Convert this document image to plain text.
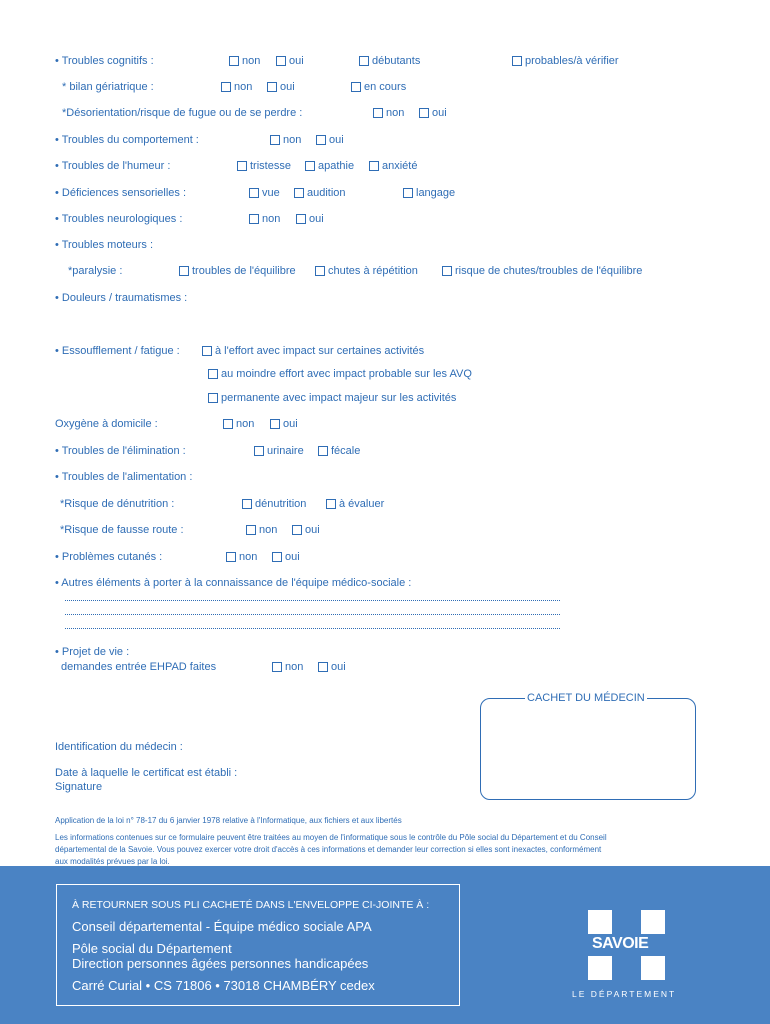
• Troubles cognitifs :	non	oui	débutants	probables/à vérifier
* bilan gériatrique :	non	oui	en cours
*Désorientation/risque de fugue ou de se perdre :	non	oui
• Troubles du comportement :	non	oui
• Troubles de l'humeur :	tristesse apathie	anxiété
• Déficiences sensorielles :	vue audition	langage
• Troubles neurologiques :	non	oui
• Troubles moteurs :
*paralysie :	troubles de l'équilibre	chutes à répétition	risque de chutes/troubles de l'équilibre
• Douleurs / traumatismes :
• Essoufflement / fatigue :	à l'effort avec impact sur certaines activités
au moindre effort avec impact probable sur les AVQ
permanente avec impact majeur sur les activités
Oxygène à domicile :	non	oui
• Troubles de l'élimination :	urinaire fécale
• Troubles de l'alimentation :
*Risque de dénutrition :	dénutrition	à évaluer
*Risque de fausse route :	non	oui
• Problèmes cutanés :	non	oui
• Autres éléments à porter à la connaissance de l'équipe médico-sociale :
• Projet de vie :
demandes entrée EHPAD faites	non	oui
CACHET DU MÉDECIN
Identification du médecin :
Date à laquelle le certificat est établi :
Signature
Application de la loi n° 78-17 du 6 janvier 1978 relative à l'Informatique, aux fichiers et aux libertés
Les informations contenues sur ce formulaire peuvent être traitées au moyen de l'informatique sous le contrôle du Pôle social du Département et du Conseil
départemental de la Savoie. Vous pouvez exercer votre droit d'accès à ces informations et demander leur correction si elles sont inexactes, conformément
aux modalités prévues par la loi.
À RETOURNER SOUS PLI CACHETÉ DANS L'ENVELOPPE CI-JOINTE À :
Conseil départemental - Équipe médico sociale APA
Pôle social du Département
Direction personnes âgées personnes handicapées
Carré Curial • CS 71806 • 73018 CHAMBÉRY cedex
SAVOIE
LE DÉPARTEMENT
